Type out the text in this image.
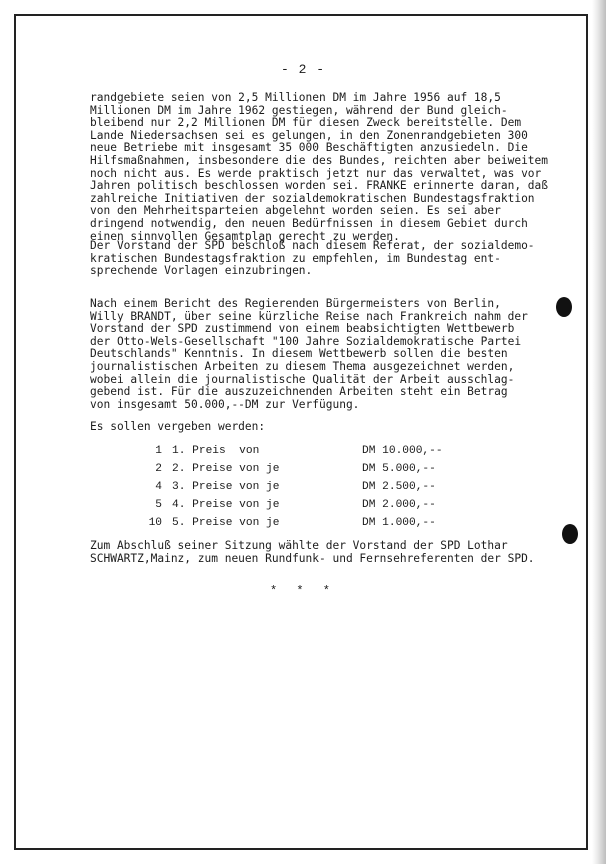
- 2 -
randgebiete seien von 2,5 Millionen DM im Jahre 1956 auf 18,5
Millionen DM im Jahre 1962 gestiegen, während der Bund gleich-
bleibend nur 2,2 Millionen DM für diesen Zweck bereitstelle. Dem
Lande Niedersachsen sei es gelungen, in den Zonenrandgebieten 300
neue Betriebe mit insgesamt 35 000 Beschäftigten anzusiedeln. Die
Hilfsmaßnahmen, insbesondere die des Bundes, reichten aber beiweitem
noch nicht aus. Es werde praktisch jetzt nur das verwaltet, was vor
Jahren politisch beschlossen worden sei. FRANKE erinnerte daran, daß
zahlreiche Initiativen der sozialdemokratischen Bundestagsfraktion
von den Mehrheitsparteien abgelehnt worden seien. Es sei aber
dringend notwendig, den neuen Bedürfnissen in diesem Gebiet durch
einen sinnvollen Gesamtplan gerecht zu werden.
Der Vorstand der SPD beschloß nach diesem Referat, der sozialdemo-
kratischen Bundestagsfraktion zu empfehlen, im Bundestag ent-
sprechende Vorlagen einzubringen.
Nach einem Bericht des Regierenden Bürgermeisters von Berlin,
Willy BRANDT, über seine kürzliche Reise nach Frankreich nahm der
Vorstand der SPD zustimmend von einem beabsichtigten Wettbewerb
der Otto-Wels-Gesellschaft "100 Jahre Sozialdemokratische Partei
Deutschlands" Kenntnis. In diesem Wettbewerb sollen die besten
journalistischen Arbeiten zu diesem Thema ausgezeichnet werden,
wobei allein die journalistische Qualität der Arbeit ausschlag-
gebend ist. Für die auszuzeichnenden Arbeiten steht ein Betrag
von insgesamt 50.000,--DM zur Verfügung.
Es sollen vergeben werden:
1 1. Preis  von	DM 10.000,--
2 2. Preise von je	DM 5.000,--
4 3. Preise von je	DM 2.500,--
5 4. Preise von je	DM 2.000,--
10 5. Preise von je	DM 1.000,--
Zum Abschluß seiner Sitzung wählte der Vorstand der SPD Lothar
SCHWARTZ,Mainz, zum neuen Rundfunk- und Fernsehreferenten der SPD.
* * *
